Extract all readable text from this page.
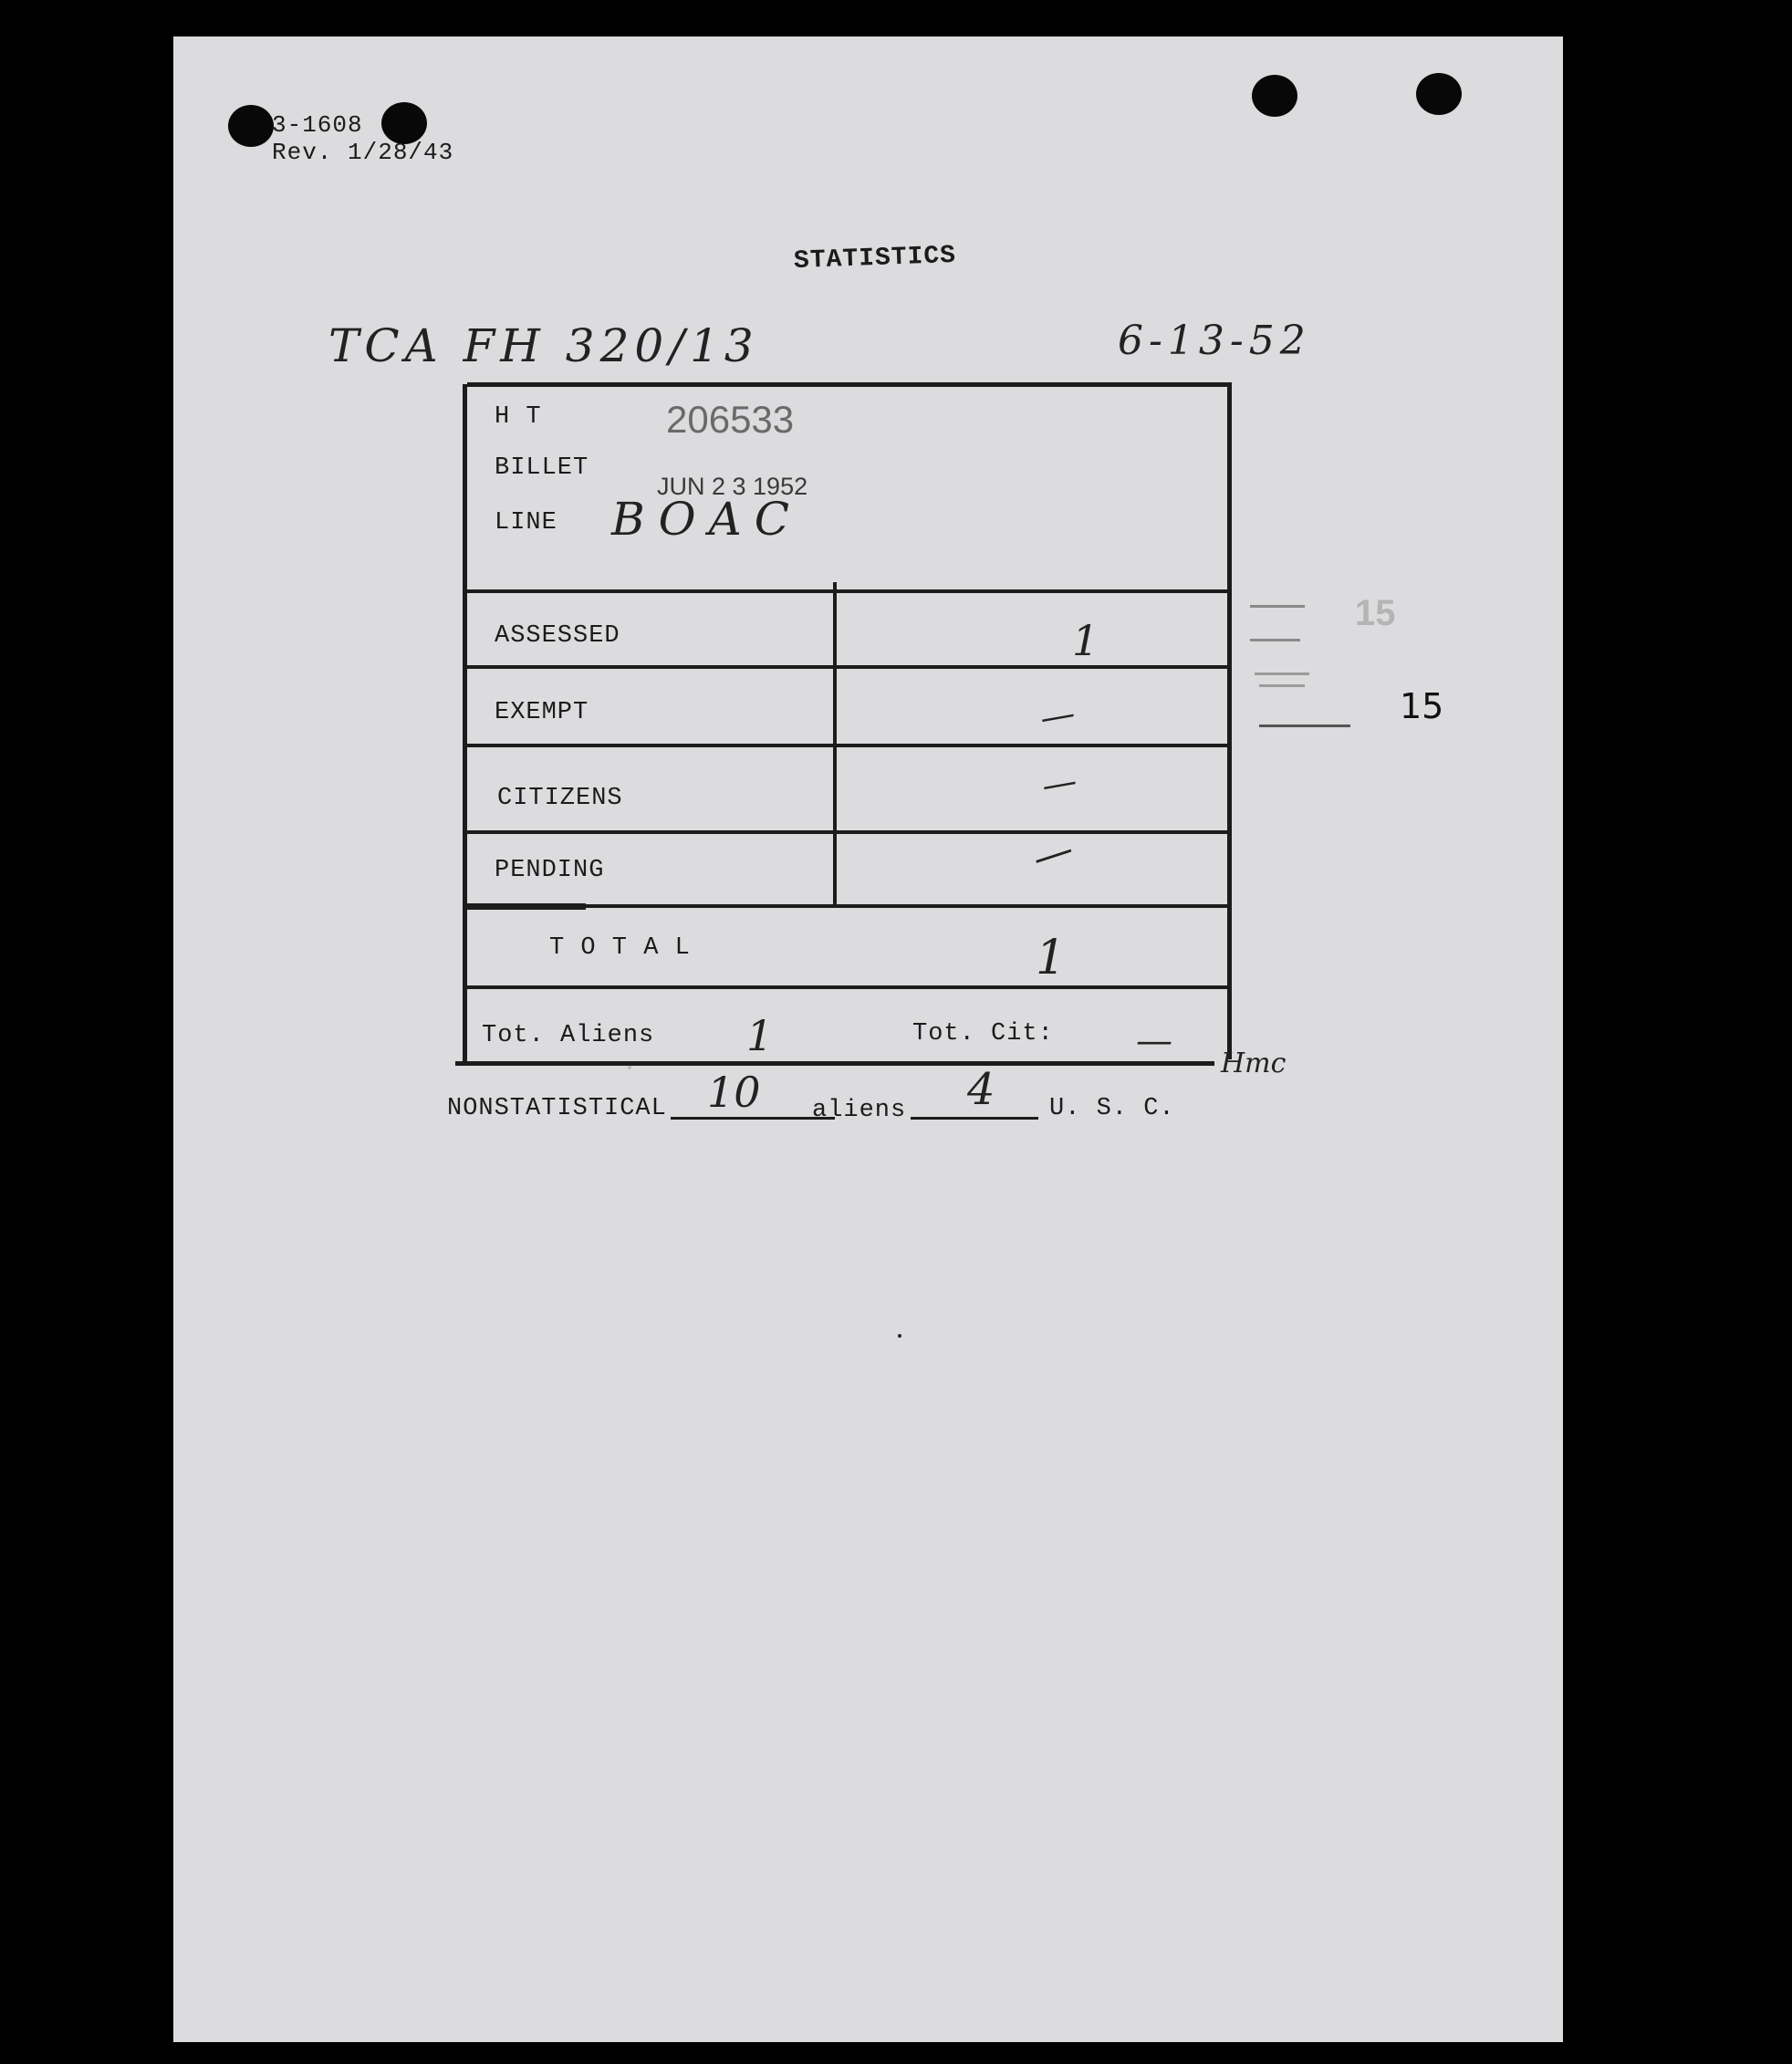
3-1608
Rev. 1/28/43
STATISTICS
TCA FH 320/13	6-13-52
H T	206533
BILLET
JUN 2 3 1952
LINE BOAC
ASSESSED	1
EXEMPT	—
CITIZENS	—
PENDING	—
T O T A L	1
Tot. Aliens 1	Tot. Cit: —
Hmc
NONSTATISTICAL 10 aliens 4 U. S. C.
15
15
